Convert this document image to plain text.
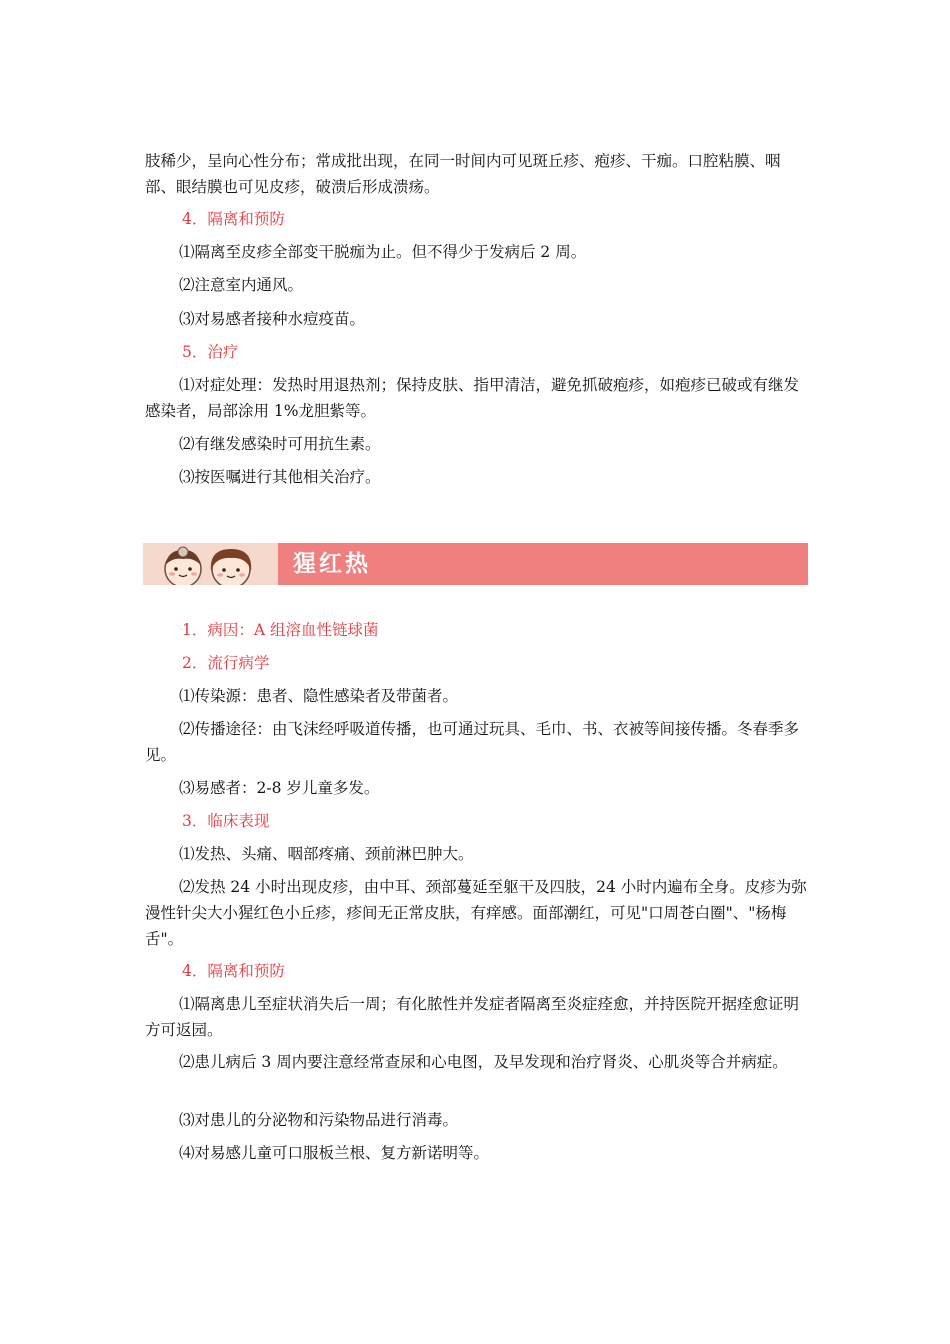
肢稀少，呈向心性分布；常成批出现，在同一时间内可见斑丘疹、疱疹、干痂。口腔粘膜、咽

部、眼结膜也可见皮疹，破溃后形成溃疡。

4．隔离和预防

⑴隔离至皮疹全部变干脱痂为止。但不得少于发病后 2 周。

⑵注意室内通风。

⑶对易感者接种水痘疫苗。

5．治疗

⑴对症处理：发热时用退热剂；保持皮肤、指甲清洁，避免抓破疱疹，如疱疹已破或有继发感染者，局部涂用 1%龙胆紫等。

⑵有继发感染时可用抗生素。

⑶按医嘱进行其他相关治疗。

猩红热

1．病因：A 组溶血性链球菌

2．流行病学

⑴传染源：患者、隐性感染者及带菌者。

⑵传播途径：由飞沫经呼吸道传播，也可通过玩具、毛巾、书、衣被等间接传播。冬春季多见。

⑶易感者：2-8 岁儿童多发。

3．临床表现

⑴发热、头痛、咽部疼痛、颈前淋巴肿大。

⑵发热 24 小时出现皮疹，由中耳、颈部蔓延至躯干及四肢，24 小时内遍布全身。皮疹为弥漫性针尖大小猩红色小丘疹，疹间无正常皮肤，有痒感。面部潮红，可见"口周苍白圈"、"杨梅舌"。

4．隔离和预防

⑴隔离患儿至症状消失后一周；有化脓性并发症者隔离至炎症痊愈，并持医院开据痊愈证明方可返园。

⑵患儿病后 3 周内要注意经常查尿和心电图，及早发现和治疗肾炎、心肌炎等合并病症。

⑶对患儿的分泌物和污染物品进行消毒。

⑷对易感儿童可口服板兰根、复方新诺明等。
